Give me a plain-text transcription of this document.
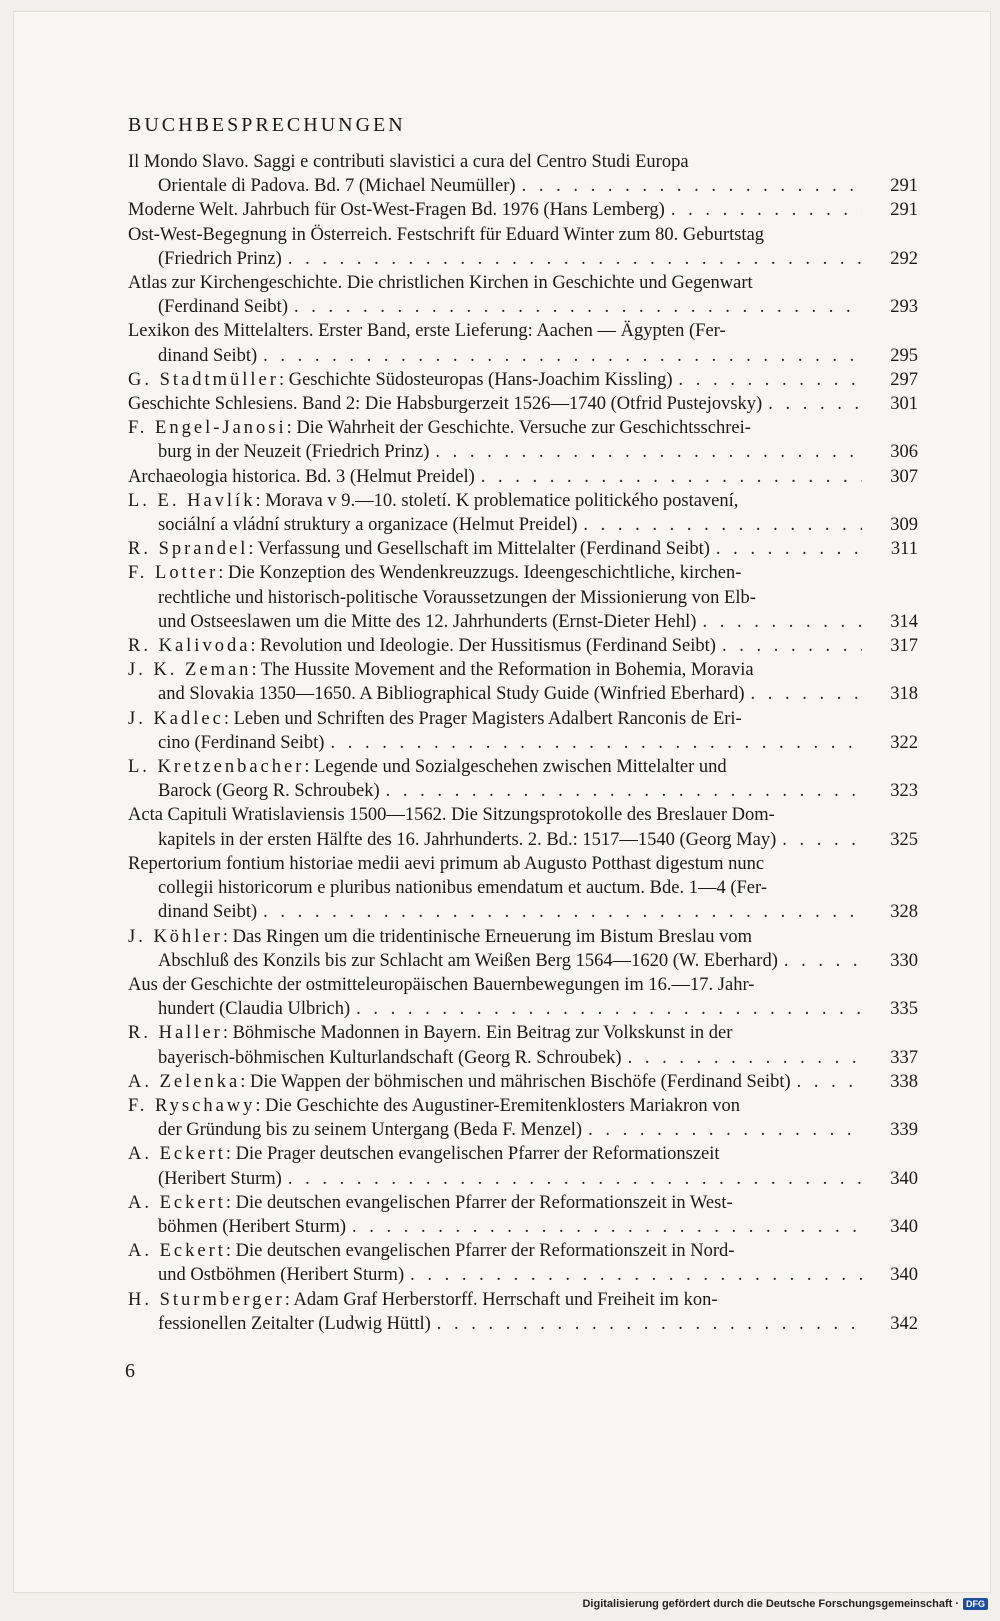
BUCHBESPRECHUNGEN
Il Mondo Slavo. Saggi e contributi slavistici a cura del Centro Studi Europa
Orientale di Padova. Bd. 7 (Michael Neumüller) . . .	291
Moderne Welt. Jahrbuch für Ost-West-Fragen Bd. 1976 (Hans Lemberg) . . .	291
Ost-West-Begegnung in Österreich. Festschrift für Eduard Winter zum 80. Geburtstag
(Friedrich Prinz) . . .	292
Atlas zur Kirchengeschichte. Die christlichen Kirchen in Geschichte und Gegenwart
(Ferdinand Seibt) . . .	293
Lexikon des Mittelalters. Erster Band, erste Lieferung: Aachen — Ägypten (Fer-
dinand Seibt) . . .	295
G. Stadtmüller: Geschichte Südosteuropas (Hans-Joachim Kissling) . . .	297
Geschichte Schlesiens. Band 2: Die Habsburgerzeit 1526—1740 (Otfrid Pustejovsky) . . .	301
F. Engel-Janosi: Die Wahrheit der Geschichte. Versuche zur Geschichtsschrei-
burg in der Neuzeit (Friedrich Prinz) . . .	306
Archaeologia historica. Bd. 3 (Helmut Preidel) . . .	307
L. E. Havlík: Morava v 9.—10. století. K problematice politického postavení,
sociální a vládní struktury a organizace (Helmut Preidel) . . .	309
R. Sprandel: Verfassung und Gesellschaft im Mittelalter (Ferdinand Seibt) . . .	311
F. Lotter: Die Konzeption des Wendenkreuzzugs. Ideengeschichtliche, kirchen-
rechtliche und historisch-politische Voraussetzungen der Missionierung von Elb-
und Ostseeslawen um die Mitte des 12. Jahrhunderts (Ernst-Dieter Hehl) . . .	314
R. Kalivoda: Revolution und Ideologie. Der Hussitismus (Ferdinand Seibt) . . .	317
J. K. Zeman: The Hussite Movement and the Reformation in Bohemia, Moravia
and Slovakia 1350—1650. A Bibliographical Study Guide (Winfried Eberhard) . . .	318
J. Kadlec: Leben und Schriften des Prager Magisters Adalbert Ranconis de Eri-
cino (Ferdinand Seibt) . . .	322
L. Kretzenbacher: Legende und Sozialgeschehen zwischen Mittelalter und
Barock (Georg R. Schroubek) . . .	323
Acta Capituli Wratislaviensis 1500—1562. Die Sitzungsprotokolle des Breslauer Dom-
kapitels in der ersten Hälfte des 16. Jahrhunderts. 2. Bd.: 1517—1540 (Georg May) . . .	325
Repertorium fontium historiae medii aevi primum ab Augusto Potthast digestum nunc
collegii historicorum e pluribus nationibus emendatum et auctum. Bde. 1—4 (Fer-
dinand Seibt) . . .	328
J. Köhler: Das Ringen um die tridentinische Erneuerung im Bistum Breslau vom
Abschluß des Konzils bis zur Schlacht am Weißen Berg 1564—1620 (W. Eberhard) . . .	330
Aus der Geschichte der ostmitteleuropäischen Bauernbewegungen im 16.—17. Jahr-
hundert (Claudia Ulbrich) . . .	335
R. Haller: Böhmische Madonnen in Bayern. Ein Beitrag zur Volkskunst in der
bayerisch-böhmischen Kulturlandschaft (Georg R. Schroubek) . . .	337
A. Zelenka: Die Wappen der böhmischen und mährischen Bischöfe (Ferdinand Seibt) . . .	338
F. Ryschawy: Die Geschichte des Augustiner-Eremitenklosters Mariakron von
der Gründung bis zu seinem Untergang (Beda F. Menzel) . . .	339
A. Eckert: Die Prager deutschen evangelischen Pfarrer der Reformationszeit
(Heribert Sturm) . . .	340
A. Eckert: Die deutschen evangelischen Pfarrer der Reformationszeit in West-
böhmen (Heribert Sturm) . . .	340
A. Eckert: Die deutschen evangelischen Pfarrer der Reformationszeit in Nord-
und Ostböhmen (Heribert Sturm) . . .	340
H. Sturmberger: Adam Graf Herberstorff. Herrschaft und Freiheit im kon-
fessionellen Zeitalter (Ludwig Hüttl) . . .	342
6
Digitalisierung gefördert durch die Deutsche Forschungsgemeinschaft · DFG
